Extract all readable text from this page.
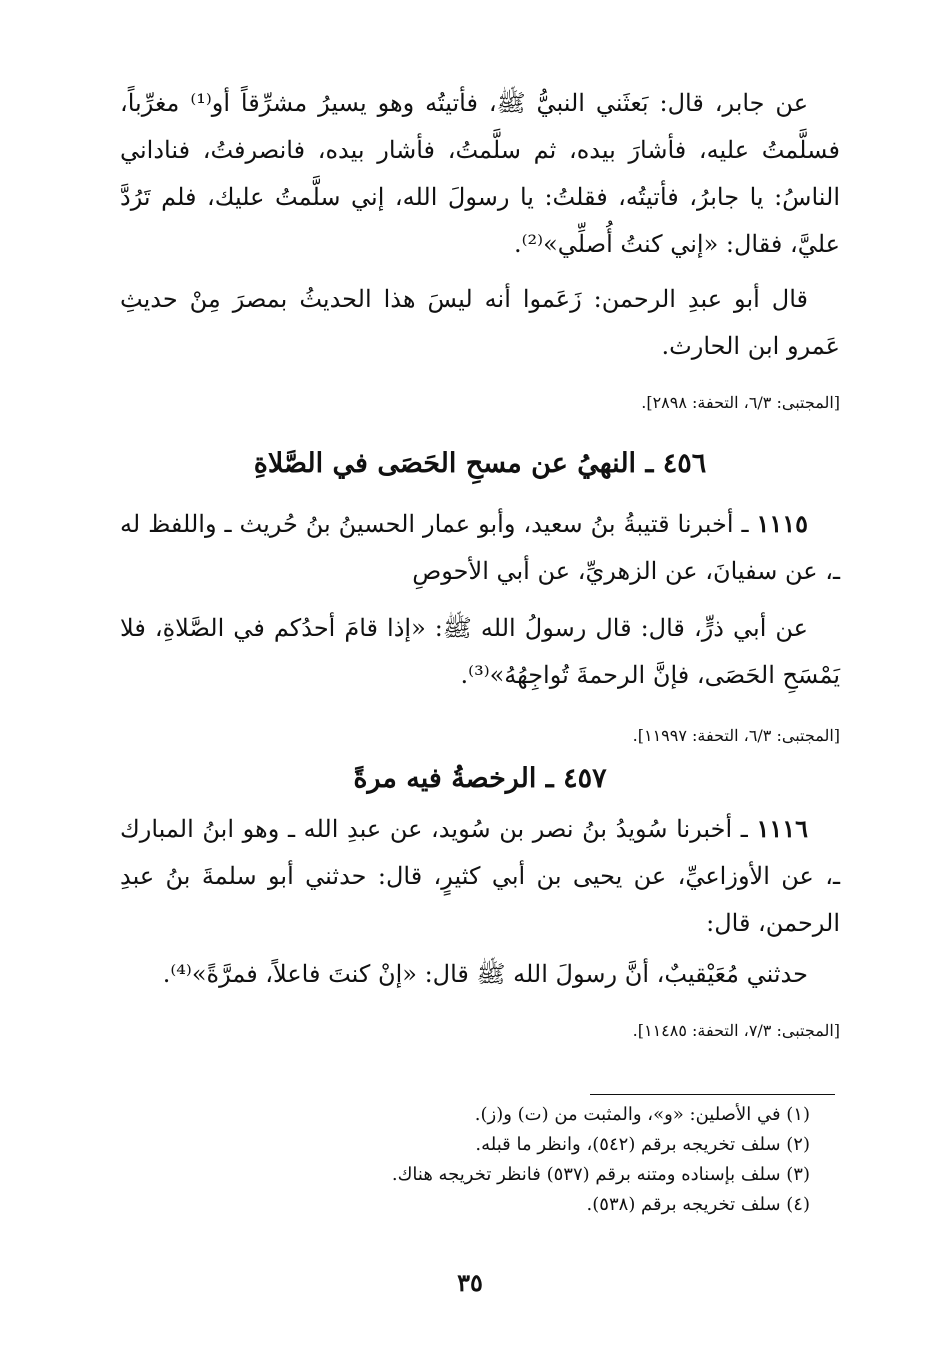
عن جابر، قال: بَعثَني النبيُّ ﷺ، فأتيتُه وهو يسيرُ مشرِّقاً أو⁽¹⁾ مغرِّباً، فسلَّمتُ عليه، فأشارَ بيده، ثم سلَّمتُ، فأشار بيده، فانصرفتُ، فناداني الناسُ: يا جابرُ، فأتيتُه، فقلتُ: يا رسولَ الله، إني سلَّمتُ عليك، فلم تَرُدَّ عليَّ، فقال: «إني كنتُ أُصلِّي»⁽²⁾.

قال أبو عبدِ الرحمن: زَعَموا أنه ليسَ هذا الحديثُ بمصرَ مِنْ حديثِ عَمرو ابن الحارث.

[المجتبى: ٦/٣، التحفة: ٢٨٩٨].

٤٥٦ ـ النهيُ عن مسحِ الحَصَى في الصَّلاةِ

١١١٥ ـ أخبرنا قتيبةُ بنُ سعيد، وأبو عمار الحسينُ بنُ حُريث ـ واللفظ له ـ، عن سفيانَ، عن الزهريِّ، عن أبي الأحوصِ

عن أبي ذرٍّ، قال: قال رسولُ الله ﷺ: «إذا قامَ أحدُكم في الصَّلاةِ، فلا يَمْسَحِ الحَصَى، فإنَّ الرحمةَ تُواجِهُهُ»⁽³⁾.

[المجتبى: ٦/٣، التحفة: ١١٩٩٧].

٤٥٧ ـ الرخصةُ فيه مرةً

١١١٦ ـ أخبرنا سُويدُ بنُ نصر بن سُويد، عن عبدِ الله ـ وهو ابنُ المبارك ـ، عن الأوزاعيِّ، عن يحيى بن أبي كثيرٍ، قال: حدثني أبو سلمةَ بنُ عبدِ الرحمن، قال:

حدثني مُعَيْقيبٌ، أنَّ رسولَ الله ﷺ قال: «إنْ كنتَ فاعلاً، فمرَّةً»⁽⁴⁾.

[المجتبى: ٧/٣، التحفة: ١١٤٨٥].

(١) في الأصلين: «و»، والمثبت من (ت) و(ز).

(٢) سلف تخريجه برقم (٥٤٢)، وانظر ما قبله.

(٣) سلف بإسناده ومتنه برقم (٥٣٧) فانظر تخريجه هناك.

(٤) سلف تخريجه برقم (٥٣٨).

٣٥
